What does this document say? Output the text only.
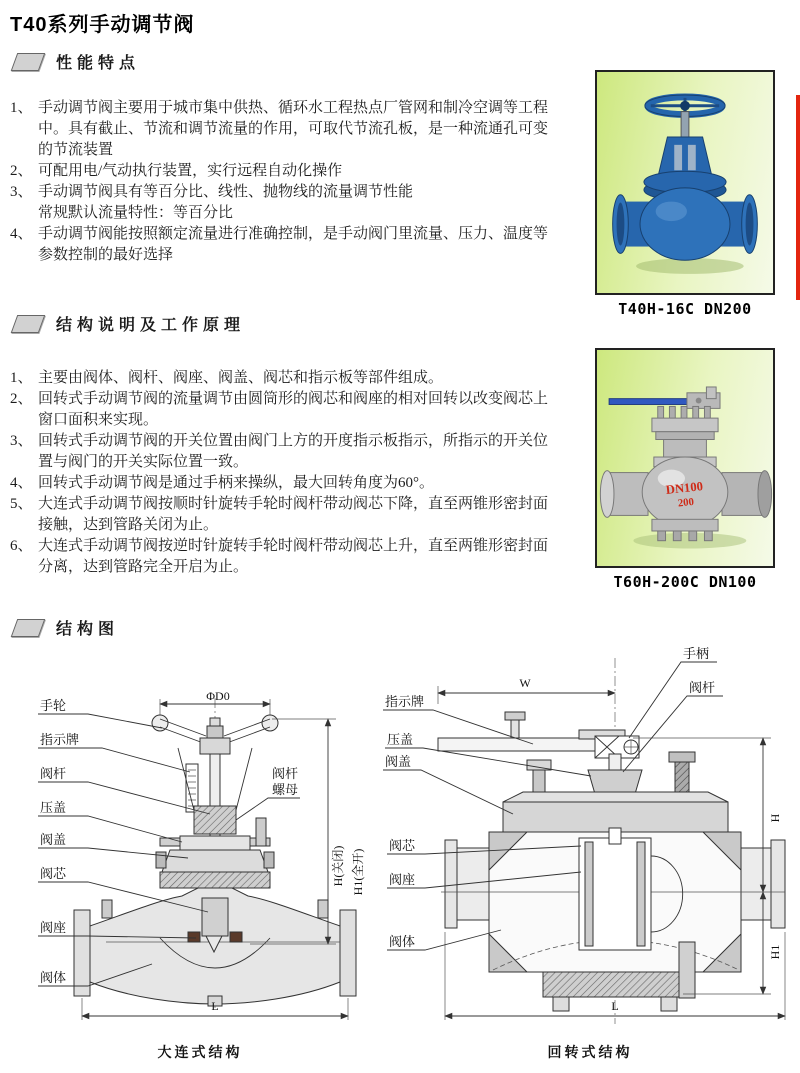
T40系列手动调节阀
性能特点
1、 手动调节阀主要用于城市集中供热、循环水工程热点厂管网和制冷空调等工程中。具有截止、节流和调节流量的作用，可取代节流孔板，是一种流通孔可变的节流装置
2、 可配用电/气动执行装置，实行远程自动化操作
3、 手动调节阀具有等百分比、线性、抛物线的流量调节性能
常规默认流量特性：等百分比
4、 手动调节阀能按照额定流量进行准确控制，是手动阀门里流量、压力、温度等参数控制的最好选择
结构说明及工作原理
1、 主要由阀体、阀杆、阀座、阀盖、阀芯和指示板等部件组成。
2、 回转式手动调节阀的流量调节由圆筒形的阀芯和阀座的相对回转以改变阀芯上窗口面积来实现。
3、 回转式手动调节阀的开关位置由阀门上方的开度指示板指示，所指示的开关位置与阀门的开关实际位置一致。
4、 回转式手动调节阀是通过手柄来操纵，最大回转角度为60°。
5、 大连式手动调节阀按顺时针旋转手轮时阀杆带动阀芯下降，直至两锥形密封面接触，达到管路关闭为止。
6、 大连式手动调节阀按逆时针旋转手轮时阀杆带动阀芯上升，直至两锥形密封面分离，达到管路完全开启为止。
结构图
T40H-16C DN200
DN100
200
T60H-200C DN100
ΦD0
H(关闭) H1(全开)
L
手轮
指示牌
阀杆
压盖
阀盖
阀芯
阀座
阀体
阀杆
螺母
W
H
H1
L
手柄
阀杆
指示牌
压盖
阀盖
阀芯
阀座
阀体
大连式结构	回转式结构
